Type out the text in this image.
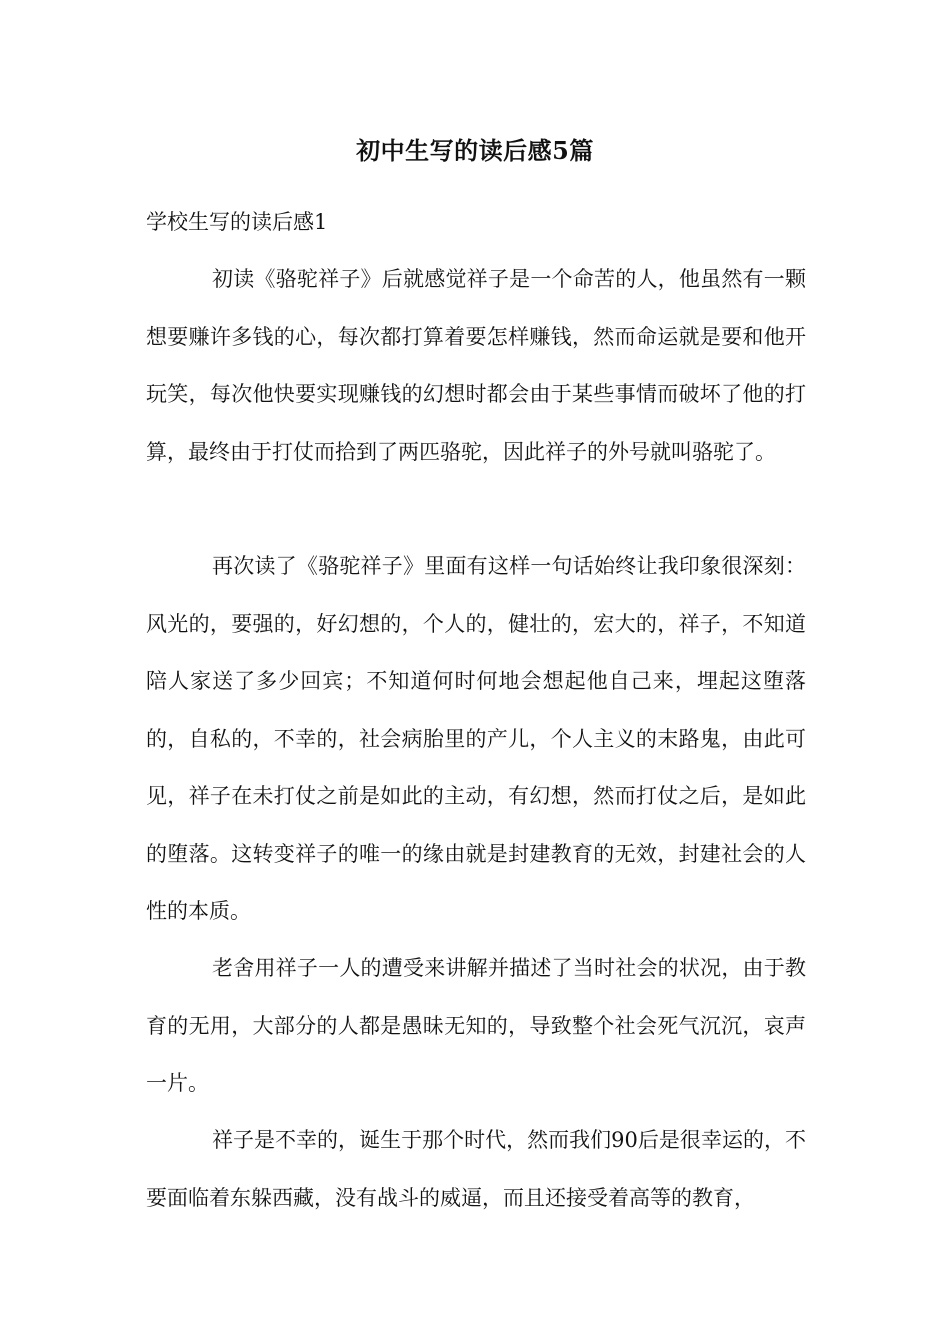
初中生写的读后感5篇
学校生写的读后感1

初读《骆驼祥子》后就感觉祥子是一个命苦的人，他虽然有一颗想要赚许多钱的心，每次都打算着要怎样赚钱，然而命运就是要和他开玩笑，每次他快要实现赚钱的幻想时都会由于某些事情而破坏了他的打算，最终由于打仗而拾到了两匹骆驼，因此祥子的外号就叫骆驼了。

再次读了《骆驼祥子》里面有这样一句话始终让我印象很深刻：风光的，要强的，好幻想的，个人的，健壮的，宏大的，祥子，不知道陪人家送了多少回宾；不知道何时何地会想起他自己来，埋起这堕落的，自私的，不幸的，社会病胎里的产儿，个人主义的末路鬼，由此可见，祥子在未打仗之前是如此的主动，有幻想，然而打仗之后，是如此的堕落。这转变祥子的唯一的缘由就是封建教育的无效，封建社会的人性的本质。

老舍用祥子一人的遭受来讲解并描述了当时社会的状况，由于教育的无用，大部分的人都是愚昧无知的，导致整个社会死气沉沉，哀声一片。

祥子是不幸的，诞生于那个时代，然而我们90后是很幸运的，不要面临着东躲西藏，没有战斗的威逼，而且还接受着高等的教育，
